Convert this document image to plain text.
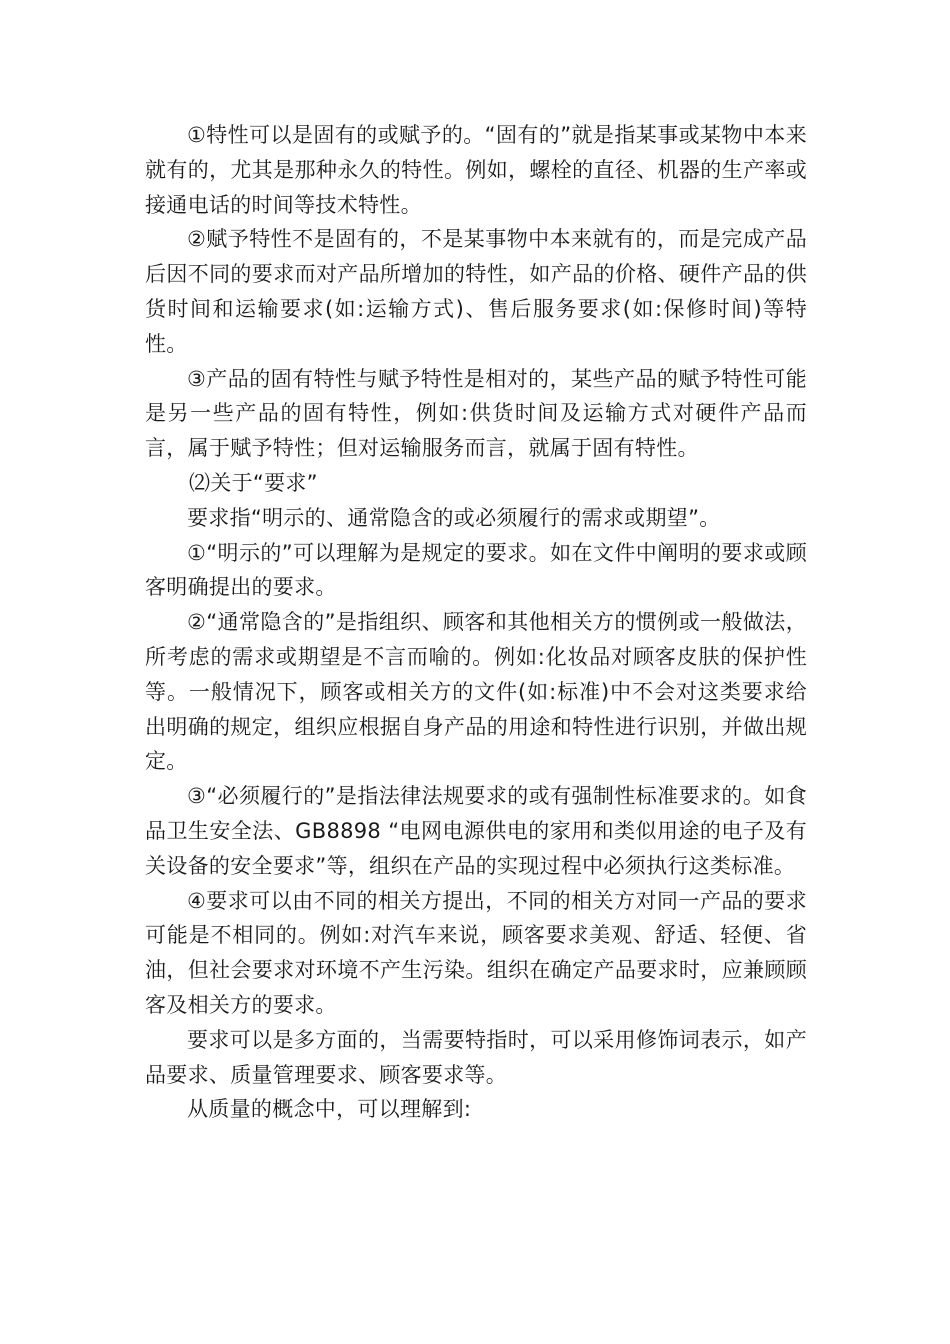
①特性可以是固有的或赋予的。“固有的”就是指某事或某物中本来就有的，尤其是那种永久的特性。例如，螺栓的直径、机器的生产率或接通电话的时间等技术特性。

②赋予特性不是固有的，不是某事物中本来就有的，而是完成产品后因不同的要求而对产品所增加的特性，如产品的价格、硬件产品的供货时间和运输要求(如:运输方式)、售后服务要求(如:保修时间)等特性。

③产品的固有特性与赋予特性是相对的，某些产品的赋予特性可能是另一些产品的固有特性，例如:供货时间及运输方式对硬件产品而言，属于赋予特性；但对运输服务而言，就属于固有特性。

⑵关于“要求”

要求指“明示的、通常隐含的或必须履行的需求或期望”。

①“明示的”可以理解为是规定的要求。如在文件中阐明的要求或顾客明确提出的要求。

②“通常隐含的”是指组织、顾客和其他相关方的惯例或一般做法，所考虑的需求或期望是不言而喻的。例如:化妆品对顾客皮肤的保护性等。一般情况下，顾客或相关方的文件(如:标准)中不会对这类要求给出明确的规定，组织应根据自身产品的用途和特性进行识别，并做出规定。

③“必须履行的”是指法律法规要求的或有强制性标准要求的。如食品卫生安全法、GB8898 “电网电源供电的家用和类似用途的电子及有关设备的安全要求”等，组织在产品的实现过程中必须执行这类标准。

④要求可以由不同的相关方提出，不同的相关方对同一产品的要求可能是不相同的。例如:对汽车来说，顾客要求美观、舒适、轻便、省油，但社会要求对环境不产生污染。组织在确定产品要求时，应兼顾顾客及相关方的要求。

要求可以是多方面的，当需要特指时，可以采用修饰词表示，如产品要求、质量管理要求、顾客要求等。

从质量的概念中，可以理解到:
